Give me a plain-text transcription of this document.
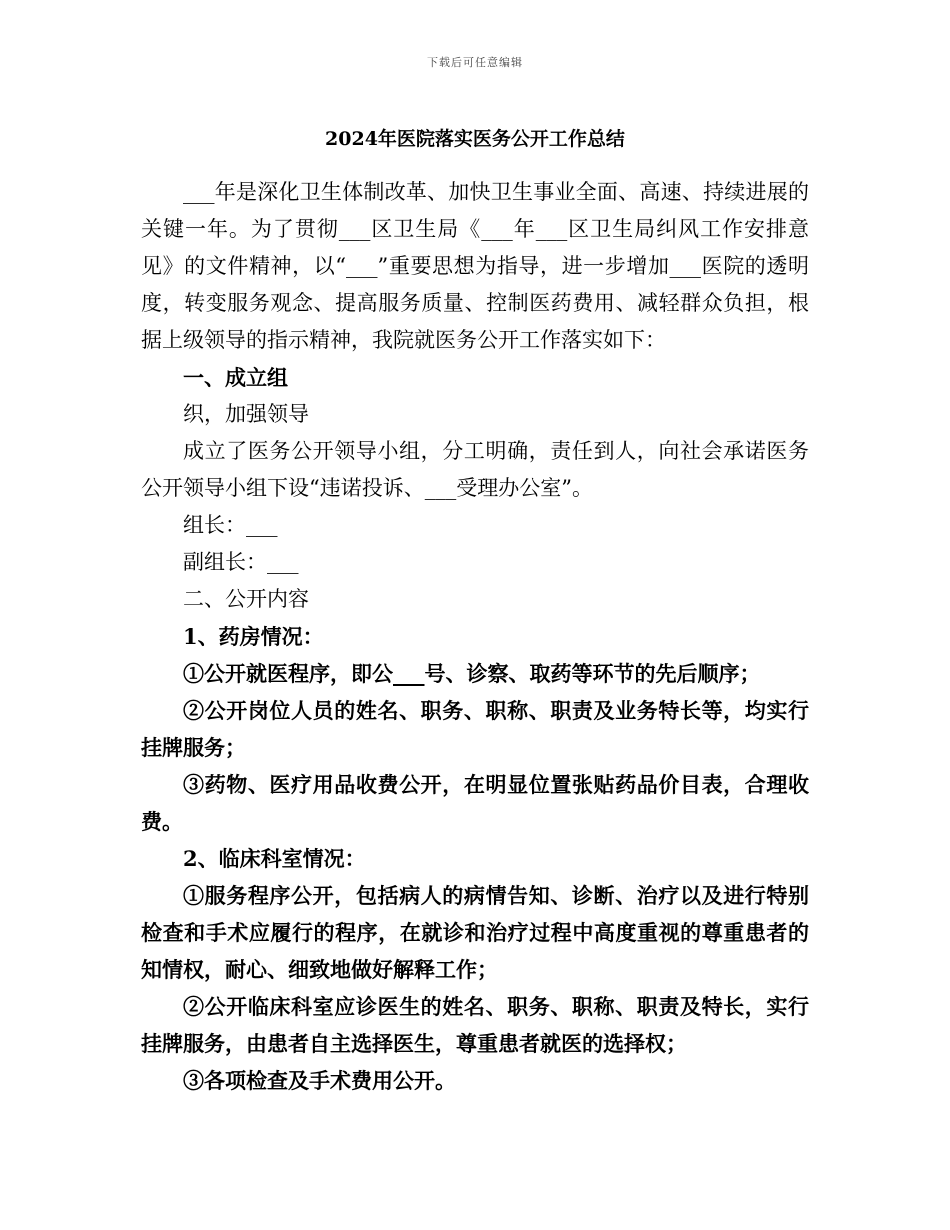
下载后可任意编辑
2024年医院落实医务公开工作总结

___年是深化卫生体制改革、加快卫生事业全面、高速、持续进展的关键一年。为了贯彻___区卫生局《___年___区卫生局纠风工作安排意见》的文件精神，以“___”重要思想为指导，进一步增加___医院的透明度，转变服务观念、提高服务质量、控制医药费用、减轻群众负担，根据上级领导的指示精神，我院就医务公开工作落实如下：

一、成立组

织，加强领导

成立了医务公开领导小组，分工明确，责任到人，向社会承诺医务公开领导小组下设“违诺投诉、___受理办公室”。

组长：___

副组长：___

二、公开内容

1、药房情况：

①公开就医程序，即公___号、诊察、取药等环节的先后顺序；

②公开岗位人员的姓名、职务、职称、职责及业务特长等，均实行挂牌服务；

③药物、医疗用品收费公开，在明显位置张贴药品价目表，合理收费。

2、临床科室情况：

①服务程序公开，包括病人的病情告知、诊断、治疗以及进行特别检查和手术应履行的程序，在就诊和治疗过程中高度重视的尊重患者的知情权，耐心、细致地做好解释工作；

②公开临床科室应诊医生的姓名、职务、职称、职责及特长，实行挂牌服务，由患者自主选择医生，尊重患者就医的选择权；

③各项检查及手术费用公开。
